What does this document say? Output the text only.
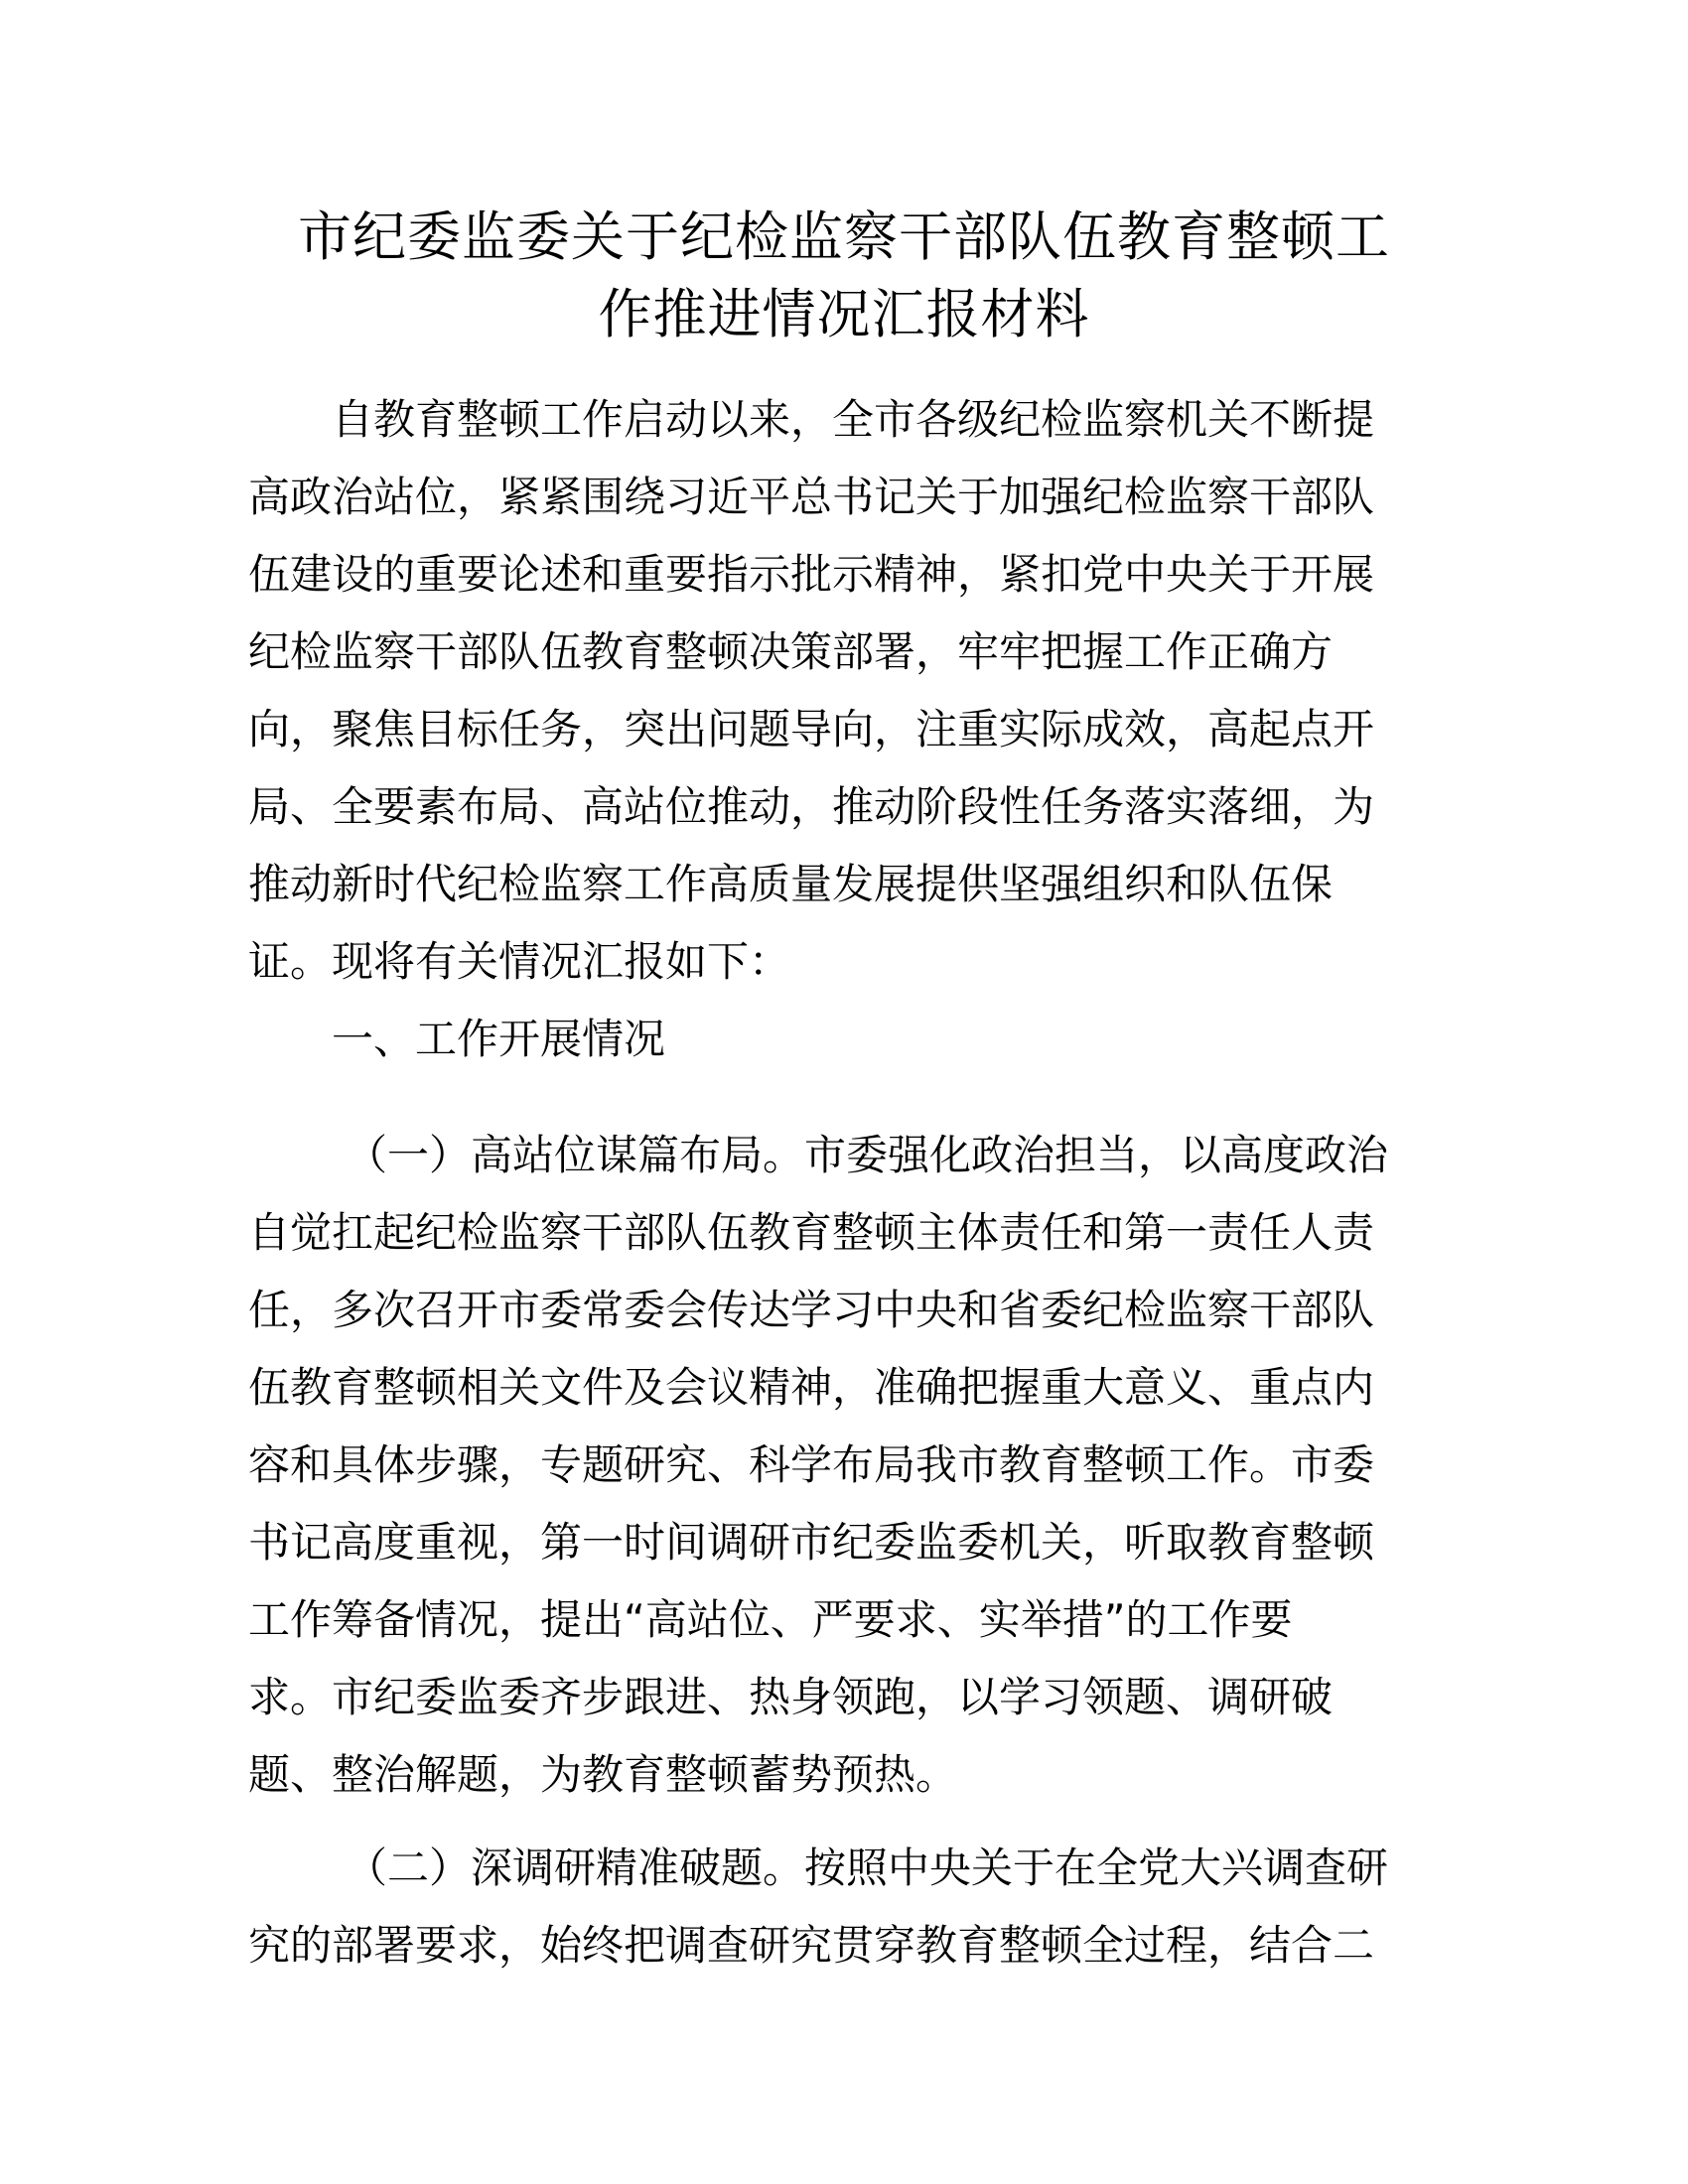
市纪委监委关于纪检监察干部队伍教育整顿工
作推进情况汇报材料
自教育整顿工作启动以来，全市各级纪检监察机关不断提
高政治站位，紧紧围绕习近平总书记关于加强纪检监察干部队
伍建设的重要论述和重要指示批示精神，紧扣党中央关于开展
纪检监察干部队伍教育整顿决策部署，牢牢把握工作正确方
向，聚焦目标任务，突出问题导向，注重实际成效，高起点开
局、全要素布局、高站位推动，推动阶段性任务落实落细，为
推动新时代纪检监察工作高质量发展提供坚强组织和队伍保
证。现将有关情况汇报如下：
一、工作开展情况
（一）高站位谋篇布局。市委强化政治担当，以高度政治
自觉扛起纪检监察干部队伍教育整顿主体责任和第一责任人责
任，多次召开市委常委会传达学习中央和省委纪检监察干部队
伍教育整顿相关文件及会议精神，准确把握重大意义、重点内
容和具体步骤，专题研究、科学布局我市教育整顿工作。市委
书记高度重视，第一时间调研市纪委监委机关，听取教育整顿
工作筹备情况，提出“高站位、严要求、实举措”的工作要
求。市纪委监委齐步跟进、热身领跑，以学习领题、调研破
题、整治解题，为教育整顿蓄势预热。
（二）深调研精准破题。按照中央关于在全党大兴调查研
究的部署要求，始终把调查研究贯穿教育整顿全过程，结合二
